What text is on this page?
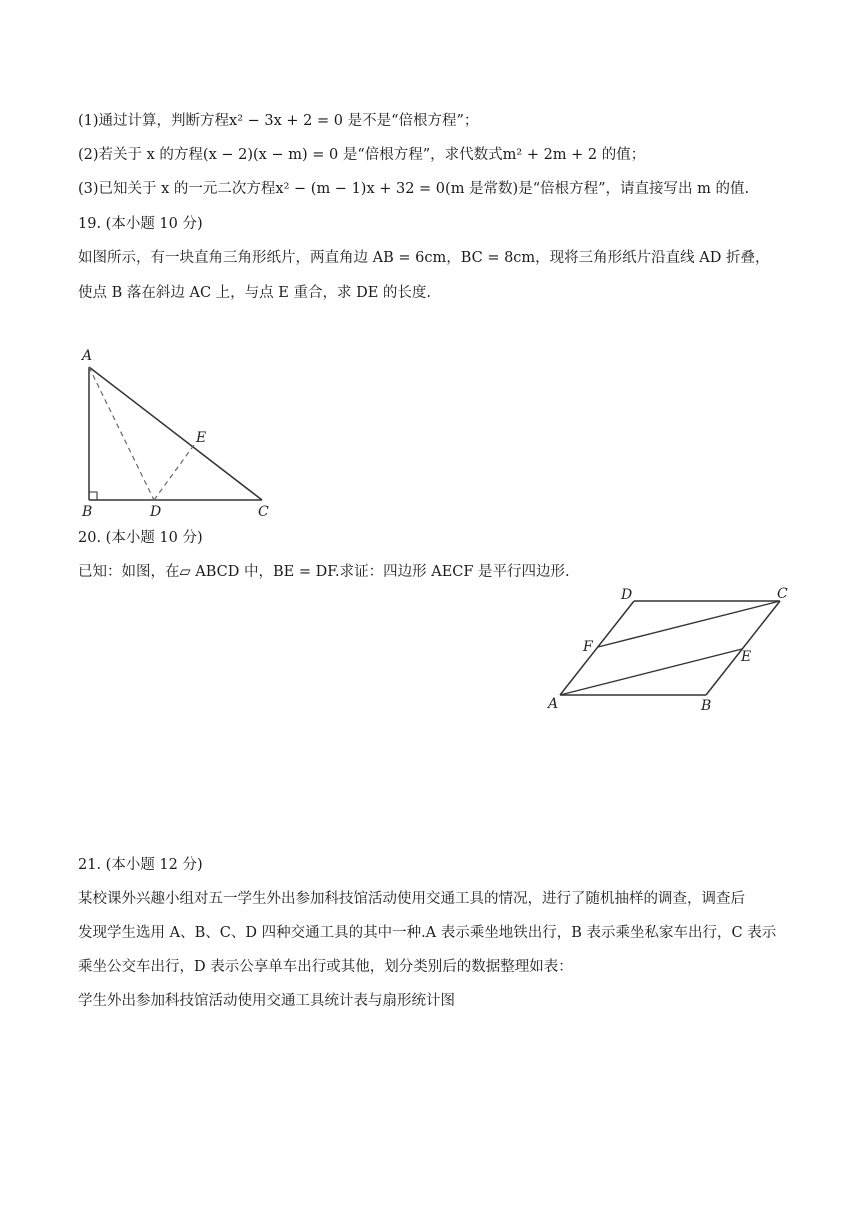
(1)通过计算，判断方程x² − 3x + 2 = 0 是不是“倍根方程”；
(2)若关于 x 的方程(x − 2)(x − m) = 0 是“倍根方程”，求代数式m² + 2m + 2 的值；
(3)已知关于 x 的一元二次方程x² − (m − 1)x + 32 = 0(m 是常数)是“倍根方程”，请直接写出 m 的值.
19. (本小题 10 分)
如图所示，有一块直角三角形纸片，两直角边 AB = 6cm，BC = 8cm，现将三角形纸片沿直线 AD 折叠，
使点 B 落在斜边 AC 上，与点 E 重合，求 DE 的长度.
A
B	C
D
E
20. (本小题 10 分)
已知：如图，在▱ ABCD 中，BE = DF.求证：四边形 AECF 是平行四边形.
A	B
C
D
E
F
21. (本小题 12 分)
某校课外兴趣小组对五一学生外出参加科技馆活动使用交通工具的情况，进行了随机抽样的调查，调查后
发现学生选用 A、B、C、D 四种交通工具的其中一种.A 表示乘坐地铁出行，B 表示乘坐私家车出行，C 表示
乘坐公交车出行，D 表示公享单车出行或其他，划分类别后的数据整理如表：
学生外出参加科技馆活动使用交通工具统计表与扇形统计图
